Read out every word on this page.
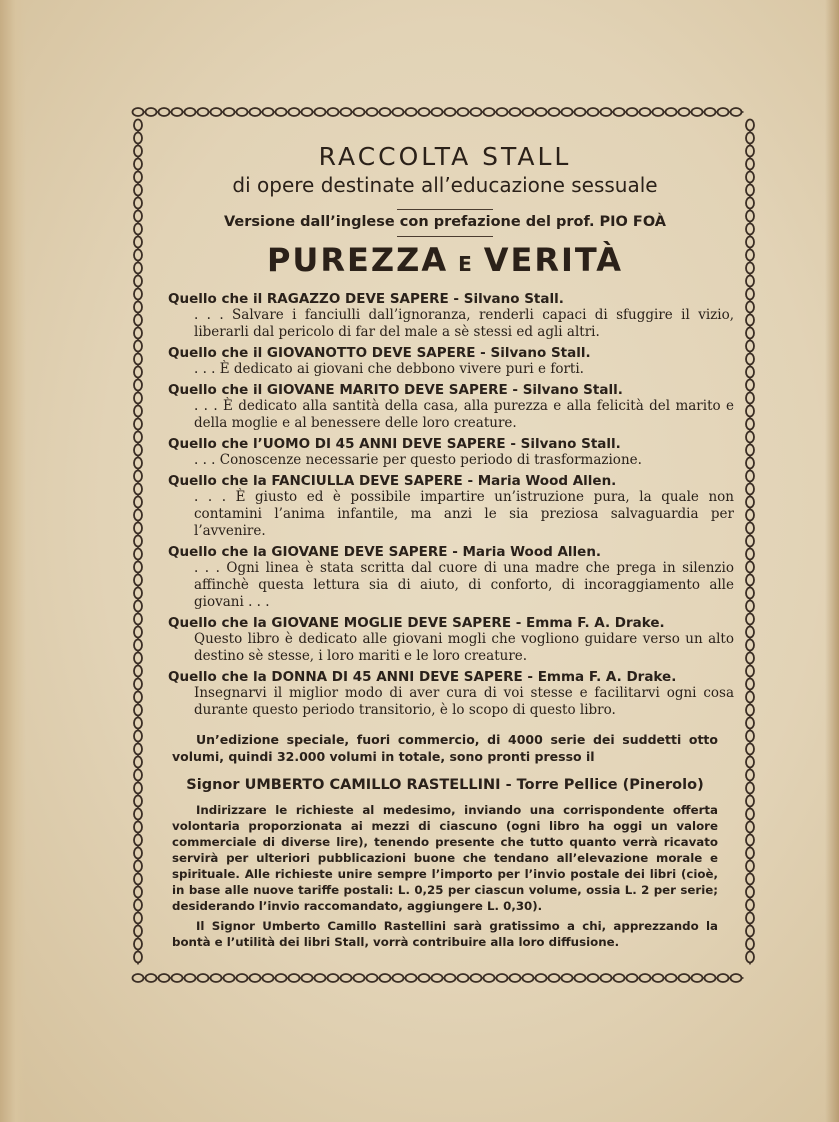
RACCOLTA STALL
di opere destinate all’educazione sessuale
Versione dall’inglese con prefazione del prof. PIO FOÀ
PUREZZA E VERITÀ
Quello che il RAGAZZO DEVE SAPERE - Silvano Stall.
. . . Salvare i fanciulli dall’ignoranza, renderli capaci di sfuggire il vizio, liberarli dal pericolo di far del male a sè stessi ed agli altri.
Quello che il GIOVANOTTO DEVE SAPERE - Silvano Stall.
. . . È dedicato ai giovani che debbono vivere puri e forti.
Quello che il GIOVANE MARITO DEVE SAPERE - Silvano Stall.
. . . È dedicato alla santità della casa, alla purezza e alla felicità del marito e della moglie e al benessere delle loro creature.
Quello che l’UOMO DI 45 ANNI DEVE SAPERE - Silvano Stall.
. . . Conoscenze necessarie per questo periodo di trasformazione.
Quello che la FANCIULLA DEVE SAPERE - Maria Wood Allen.
. . . È giusto ed è possibile impartire un’istruzione pura, la quale non contamini l’anima infantile, ma anzi le sia preziosa salvaguardia per l’avvenire.
Quello che la GIOVANE DEVE SAPERE - Maria Wood Allen.
. . . Ogni linea è stata scritta dal cuore di una madre che prega in silenzio affinchè questa lettura sia di aiuto, di conforto, di incoraggiamento alle giovani . . .
Quello che la GIOVANE MOGLIE DEVE SAPERE - Emma F. A. Drake.
Questo libro è dedicato alle giovani mogli che vogliono guidare verso un alto destino sè stesse, i loro mariti e le loro creature.
Quello che la DONNA DI 45 ANNI DEVE SAPERE - Emma F. A. Drake.
Insegnarvi il miglior modo di aver cura di voi stesse e facilitarvi ogni cosa durante questo periodo transitorio, è lo scopo di questo libro.
Un’edizione speciale, fuori commercio, di 4000 serie dei suddetti otto volumi, quindi 32.000 volumi in totale, sono pronti presso il
Signor UMBERTO CAMILLO RASTELLINI - Torre Pellice (Pinerolo)
Indirizzare le richieste al medesimo, inviando una corrispondente offerta volontaria proporzionata ai mezzi di ciascuno (ogni libro ha oggi un valore commerciale di diverse lire), tenendo presente che tutto quanto verrà ricavato servirà per ulteriori pubblicazioni buone che tendano all’elevazione morale e spirituale. Alle richieste unire sempre l’importo per l’invio postale dei libri (cioè, in base alle nuove tariffe postali: L. 0,25 per ciascun volume, ossia L. 2 per serie; desiderando l’invio raccomandato, aggiungere L. 0,30).
Il Signor Umberto Camillo Rastellini sarà gratissimo a chi, apprezzando la bontà e l’utilità dei libri Stall, vorrà contribuire alla loro diffusione.
